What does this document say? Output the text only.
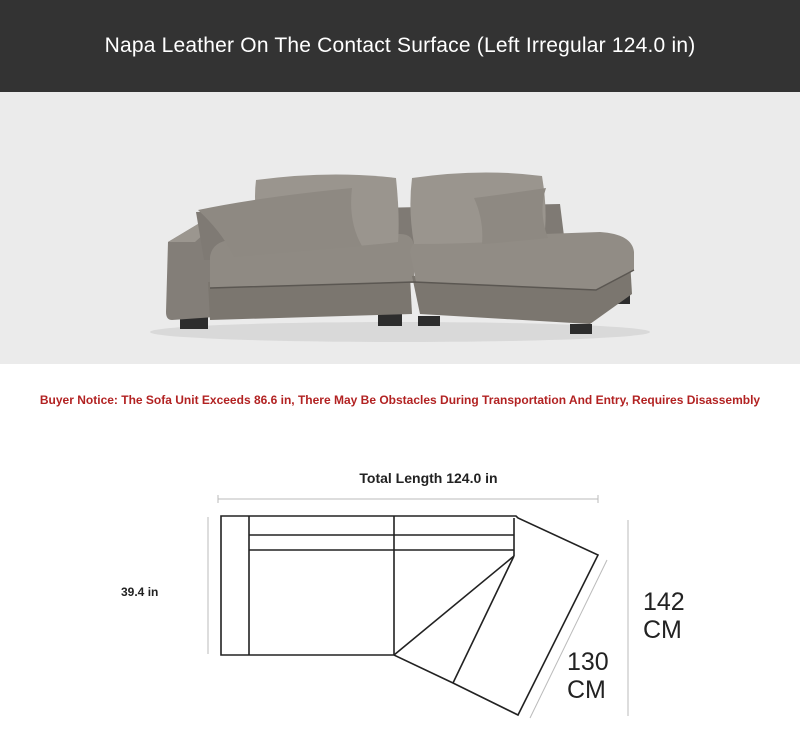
Napa Leather On The Contact Surface (Left Irregular 124.0 in)
Buyer Notice: The Sofa Unit Exceeds 86.6 in, There May Be Obstacles During Transportation And Entry, Requires Disassembly
Total Length 124.0 in
39.4 in	142
CM
130
CM
